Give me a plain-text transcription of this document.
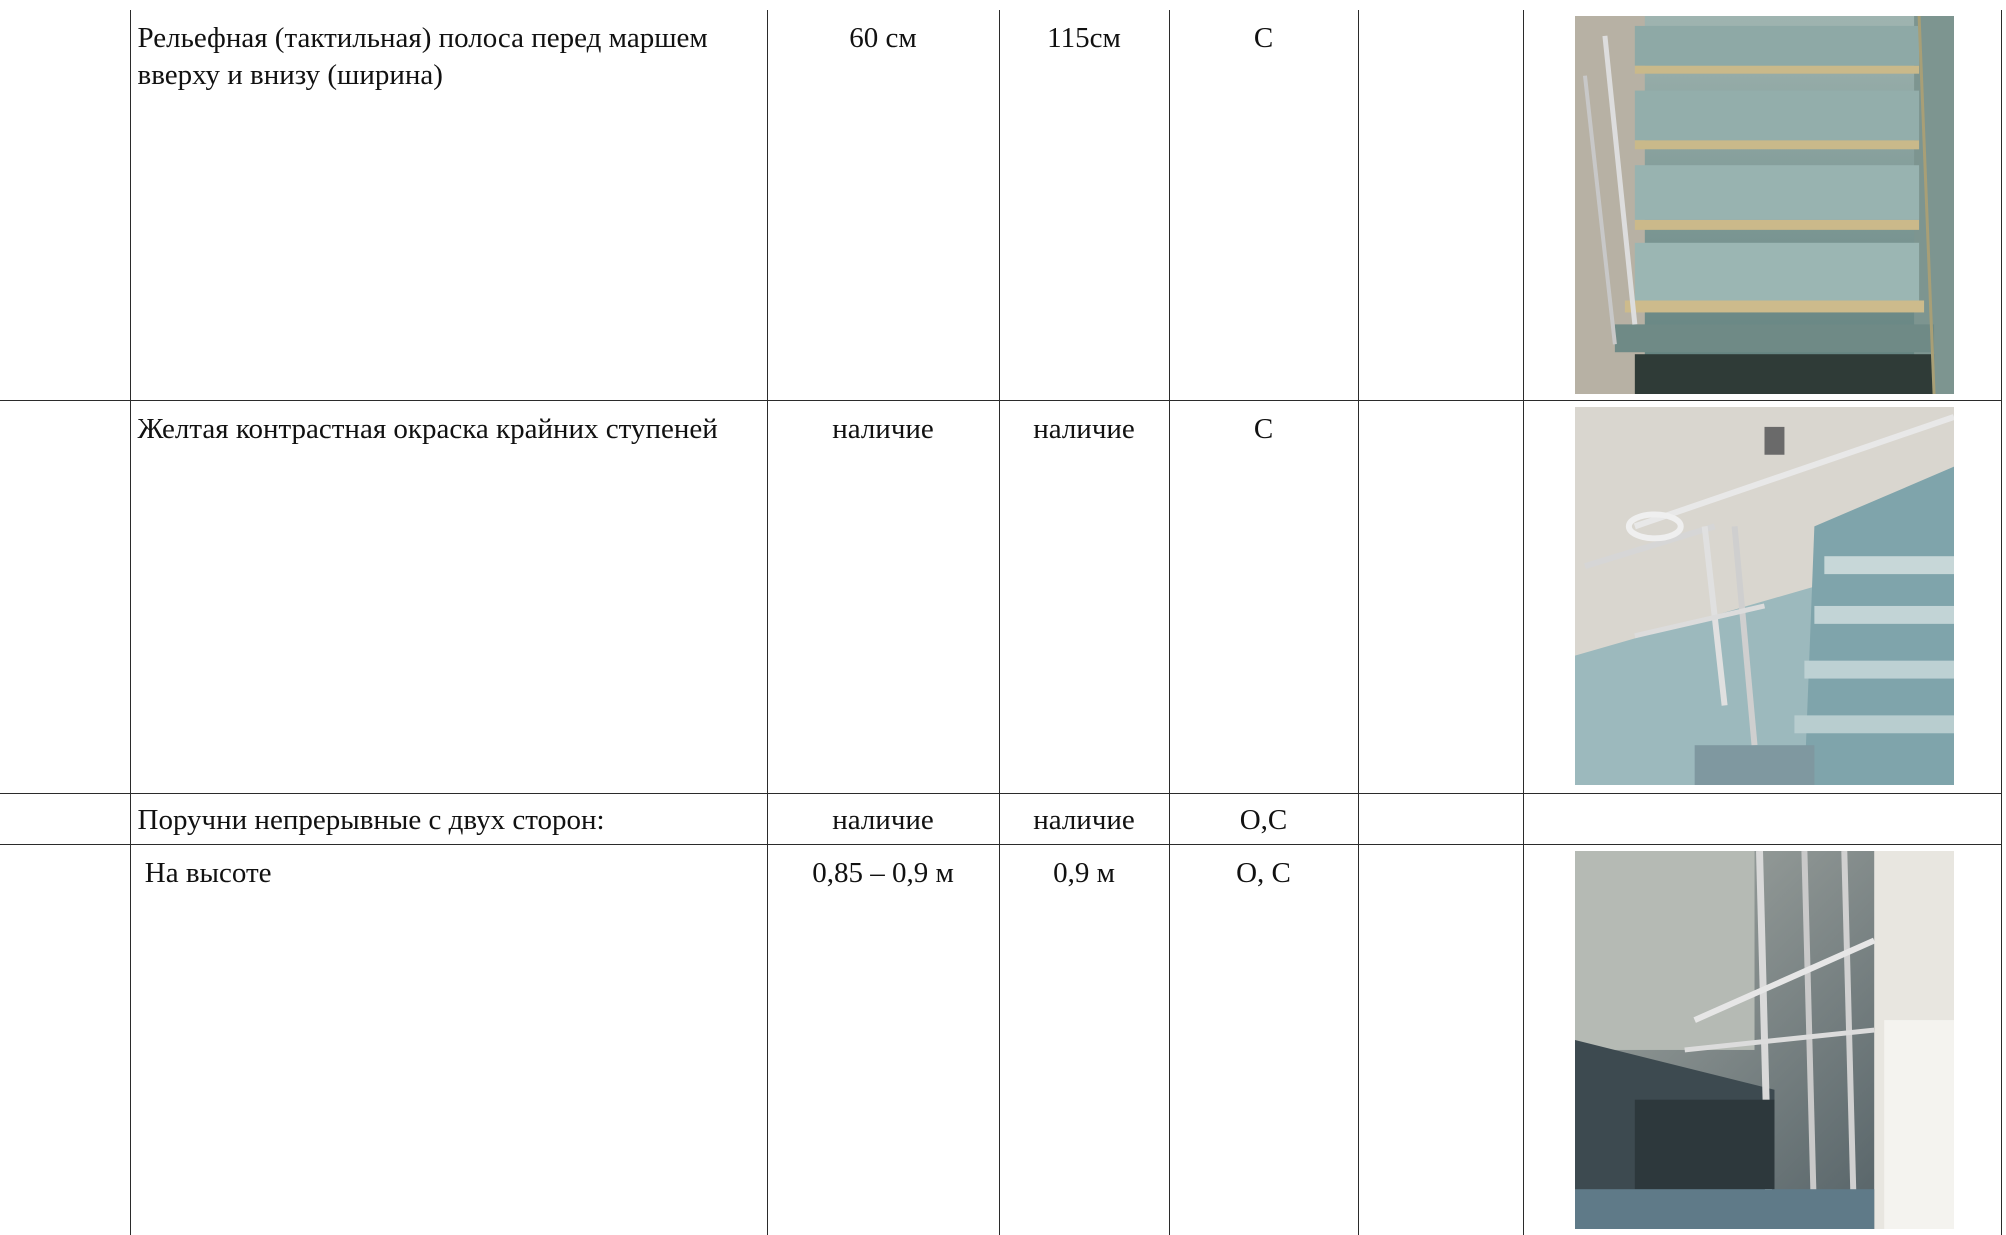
	Рельефная (тактильная) полоса перед маршем вверху и внизу (ширина)	60 см	115см	С

	Желтая контрастная окраска крайних ступеней	наличие	наличие	С

	Поручни непрерывные с двух сторон:	наличие	наличие	О,С		

	На высоте	0,85 – 0,9 м	0,9 м	О, С
